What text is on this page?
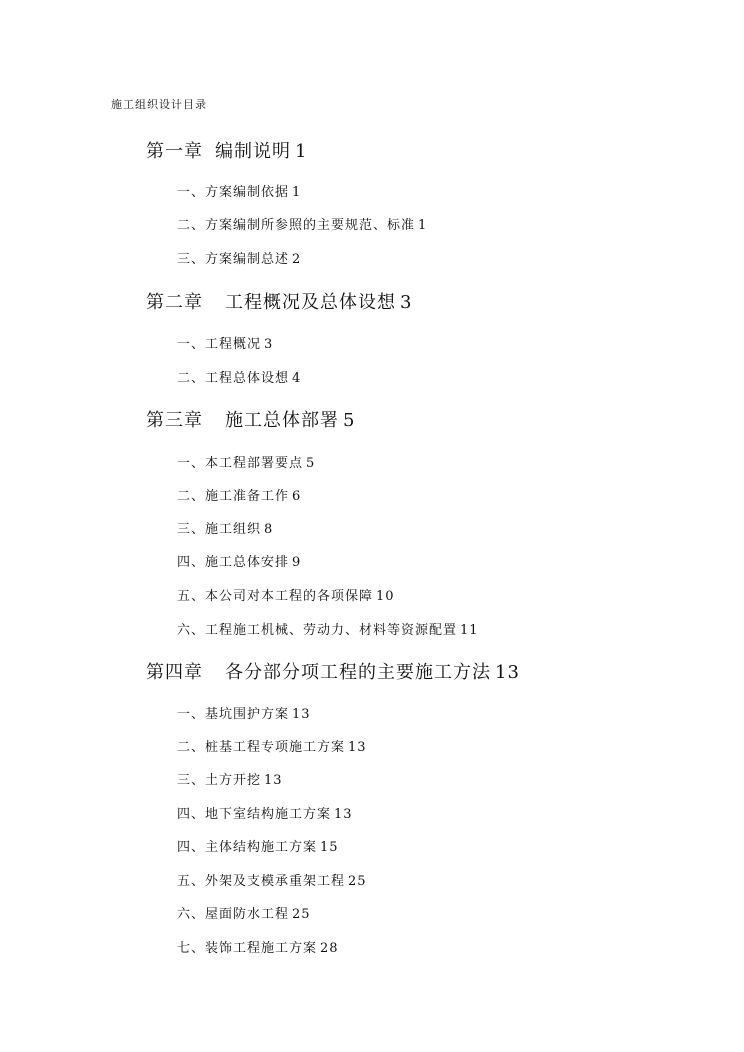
施工组织设计目录
第一章 编制说明 1
一、方案编制依据 1
二、方案编制所参照的主要规范、标准 1
三、方案编制总述 2
第二章 工程概况及总体设想 3
一、工程概况 3
二、工程总体设想 4
第三章 施工总体部署 5
一、本工程部署要点 5
二、施工准备工作 6
三、施工组织 8
四、施工总体安排 9
五、本公司对本工程的各项保障 10
六、工程施工机械、劳动力、材料等资源配置 11
第四章 各分部分项工程的主要施工方法 13
一、基坑围护方案 13
二、桩基工程专项施工方案 13
三、土方开挖 13
四、地下室结构施工方案 13
四、主体结构施工方案 15
五、外架及支模承重架工程 25
六、屋面防水工程 25
七、装饰工程施工方案 28
